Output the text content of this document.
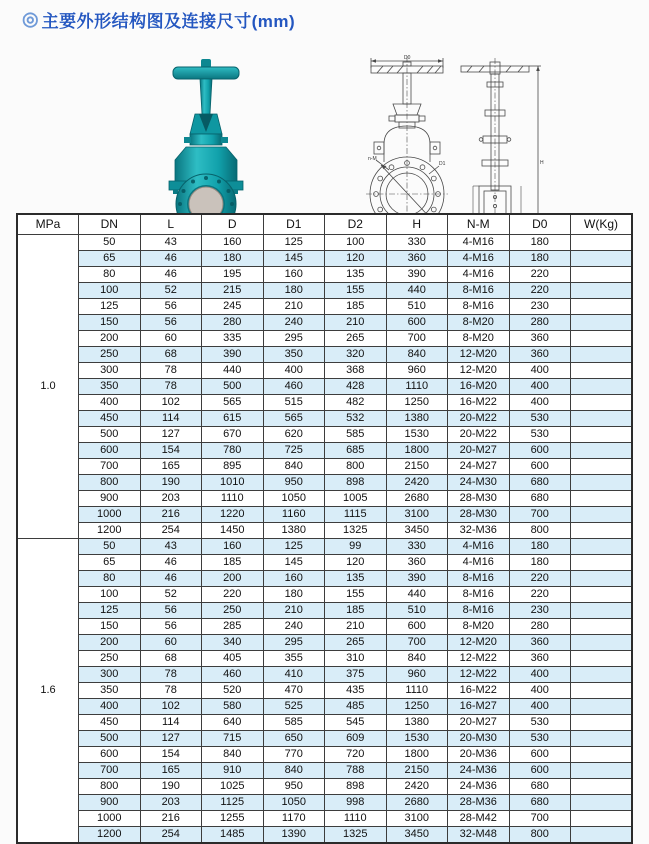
◎ 主要外形结构图及连接尺寸(mm)
D0
n-M
D1	H
MPa	DN	L	D	D1	D2	H	N-M	D0	W(Kg)
1.0	50	43	160	125	100	330	4-M16	180	
	65	46	180	145	120	360	4-M16	180	
	80	46	195	160	135	390	4-M16	220	
	100	52	215	180	155	440	8-M16	220	
	125	56	245	210	185	510	8-M16	230	
	150	56	280	240	210	600	8-M20	280	
	200	60	335	295	265	700	8-M20	360	
	250	68	390	350	320	840	12-M20	360	
	300	78	440	400	368	960	12-M20	400	
	350	78	500	460	428	1110	16-M20	400	
	400	102	565	515	482	1250	16-M22	400	
	450	114	615	565	532	1380	20-M22	530	
	500	127	670	620	585	1530	20-M22	530	
	600	154	780	725	685	1800	20-M27	600	
	700	165	895	840	800	2150	24-M27	600	
	800	190	1010	950	898	2420	24-M30	680	
	900	203	1110	1050	1005	2680	28-M30	680	
	1000	216	1220	1160	1115	3100	28-M30	700	
	1200	254	1450	1380	1325	3450	32-M36	800	
1.6	50	43	160	125	99	330	4-M16	180	
	65	46	185	145	120	360	4-M16	180	
	80	46	200	160	135	390	8-M16	220	
	100	52	220	180	155	440	8-M16	220	
	125	56	250	210	185	510	8-M16	230	
	150	56	285	240	210	600	8-M20	280	
	200	60	340	295	265	700	12-M20	360	
	250	68	405	355	310	840	12-M22	360	
	300	78	460	410	375	960	12-M22	400	
	350	78	520	470	435	1110	16-M22	400	
	400	102	580	525	485	1250	16-M27	400	
	450	114	640	585	545	1380	20-M27	530	
	500	127	715	650	609	1530	20-M30	530	
	600	154	840	770	720	1800	20-M36	600	
	700	165	910	840	788	2150	24-M36	600	
	800	190	1025	950	898	2420	24-M36	680	
	900	203	1125	1050	998	2680	28-M36	680	
	1000	216	1255	1170	1110	3100	28-M42	700	
	1200	254	1485	1390	1325	3450	32-M48	800	
